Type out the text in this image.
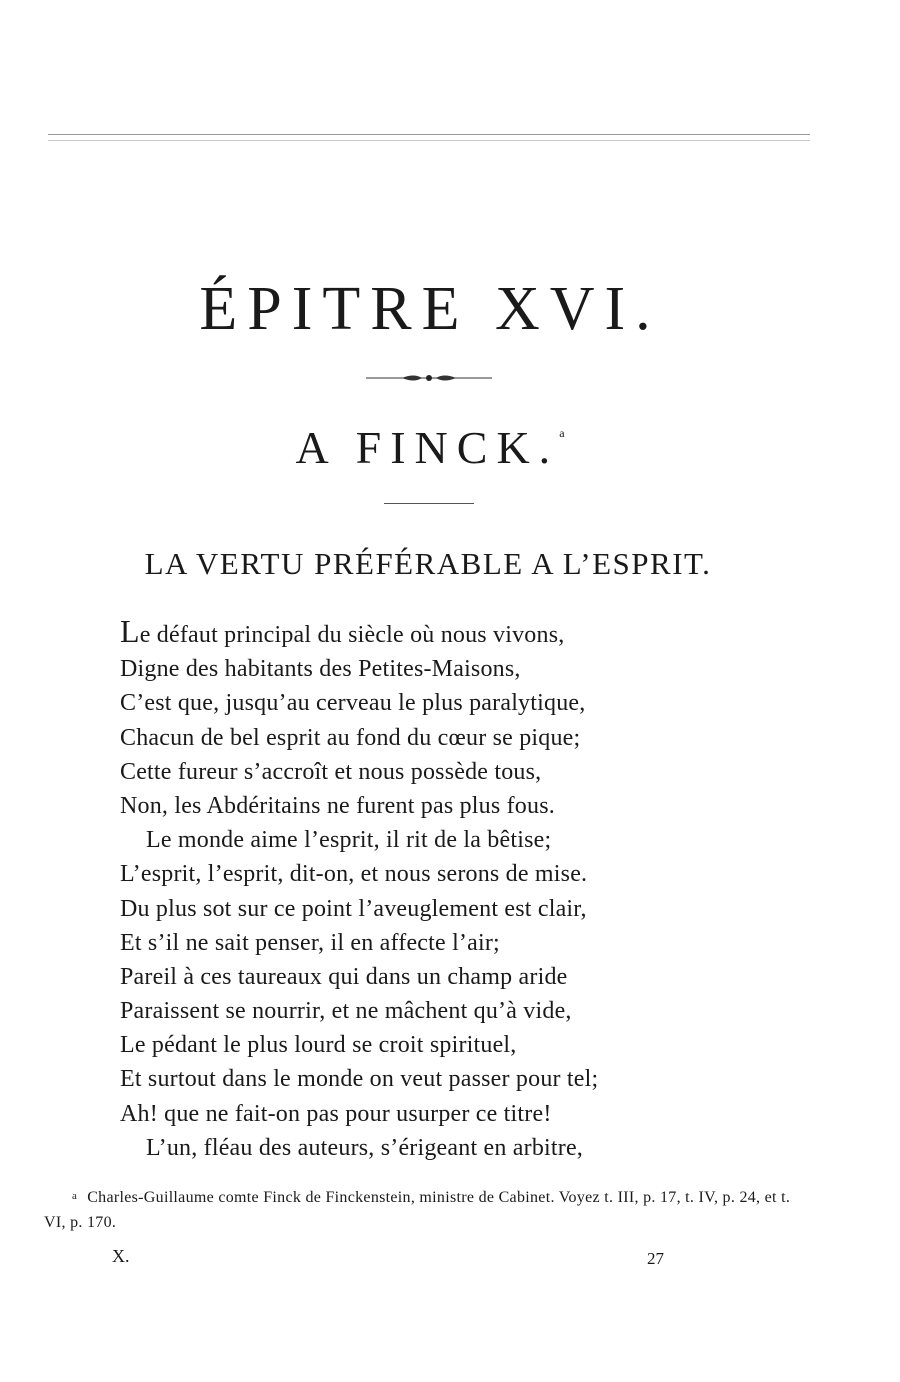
ÉPITRE XVI.
A FINCK.$^a$
LA VERTU PRÉFÉRABLE A L’ESPRIT.
Le défaut principal du siècle où nous vivons,
Digne des habitants des Petites-Maisons,
C’est que, jusqu’au cerveau le plus paralytique,
Chacun de bel esprit au fond du cœur se pique;
Cette fureur s’accroît et nous possède tous,
Non, les Abdéritains ne furent pas plus fous.
Le monde aime l’esprit, il rit de la bêtise;
L’esprit, l’esprit, dit-on, et nous serons de mise.
Du plus sot sur ce point l’aveuglement est clair,
Et s’il ne sait penser, il en affecte l’air;
Pareil à ces taureaux qui dans un champ aride
Paraissent se nourrir, et ne mâchent qu’à vide,
Le pédant le plus lourd se croit spirituel,
Et surtout dans le monde on veut passer pour tel;
Ah! que ne fait-on pas pour usurper ce titre!
L’un, fléau des auteurs, s’érigeant en arbitre,

a Charles-Guillaume comte Finck de Finckenstein, ministre de Cabinet. Voyez t. III, p. 17, t. IV, p. 24, et t. VI, p. 170.

X.	27
